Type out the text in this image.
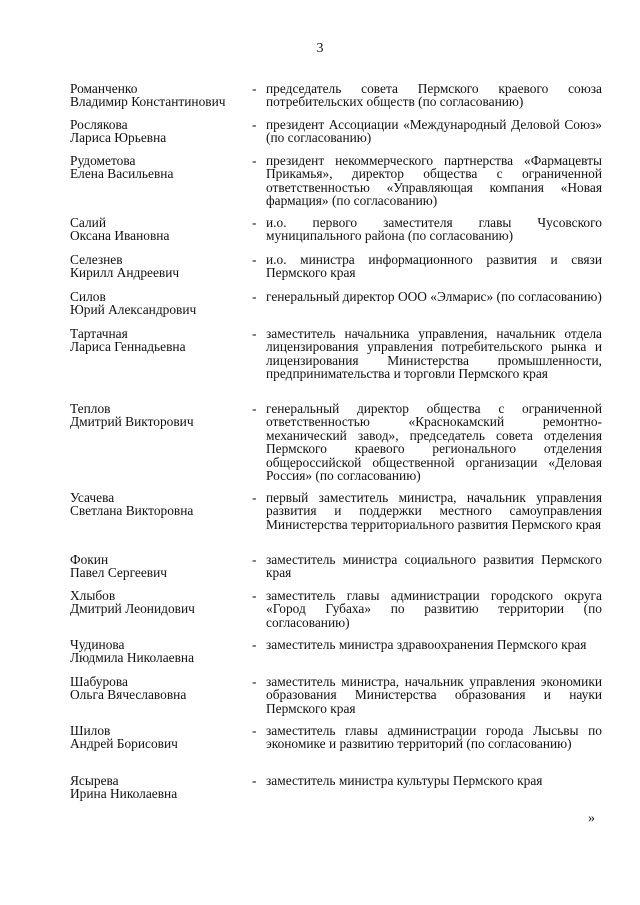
3
Романченко
Владимир Константинович
- председатель совета Пермского краевого союза потребительских обществ (по согласованию)
Рослякова
Лариса Юрьевна
- президент Ассоциации «Международный Деловой Союз» (по согласованию)
Рудометова
Елена Васильевна
- президент некоммерческого партнерства «Фармацевты Прикамья», директор общества с ограниченной ответственностью «Управляющая компания «Новая фармация» (по согласованию)
Салий
Оксана Ивановна
- и.о. первого заместителя главы Чусовского муниципального района (по согласованию)
Селезнев
Кирилл Андреевич
- и.о. министра информационного развития и связи Пермского края
Силов
Юрий Александрович
- генеральный директор ООО «Элмарис» (по согласованию)
Тартачная
Лариса Геннадьевна
- заместитель начальника управления, начальник отдела лицензирования управления потребительского рынка и лицензирования Министерства промышленности, предпринимательства и торговли Пермского края
Теплов
Дмитрий Викторович
- генеральный директор общества с ограниченной ответственностью «Краснокамский ремонтно-механический завод», председатель совета отделения Пермского краевого регионального отделения общероссийской общественной организации «Деловая Россия» (по согласованию)
Усачева
Светлана Викторовна
- первый заместитель министра, начальник управления развития и поддержки местного самоуправления Министерства территориального развития Пермского края
Фокин
Павел Сергеевич
- заместитель министра социального развития Пермского края
Хлыбов
Дмитрий Леонидович
- заместитель главы администрации городского округа «Город Губаха» по развитию территории (по согласованию)
Чудинова
Людмила Николаевна
- заместитель министра здравоохранения Пермского края
Шабурова
Ольга Вячеславовна
- заместитель министра, начальник управления экономики образования Министерства образования и науки Пермского края
Шилов
Андрей Борисович
- заместитель главы администрации города Лысьвы по экономике и развитию территорий (по согласованию)
Ясырева
Ирина Николаевна
- заместитель министра культуры Пермского края
»
